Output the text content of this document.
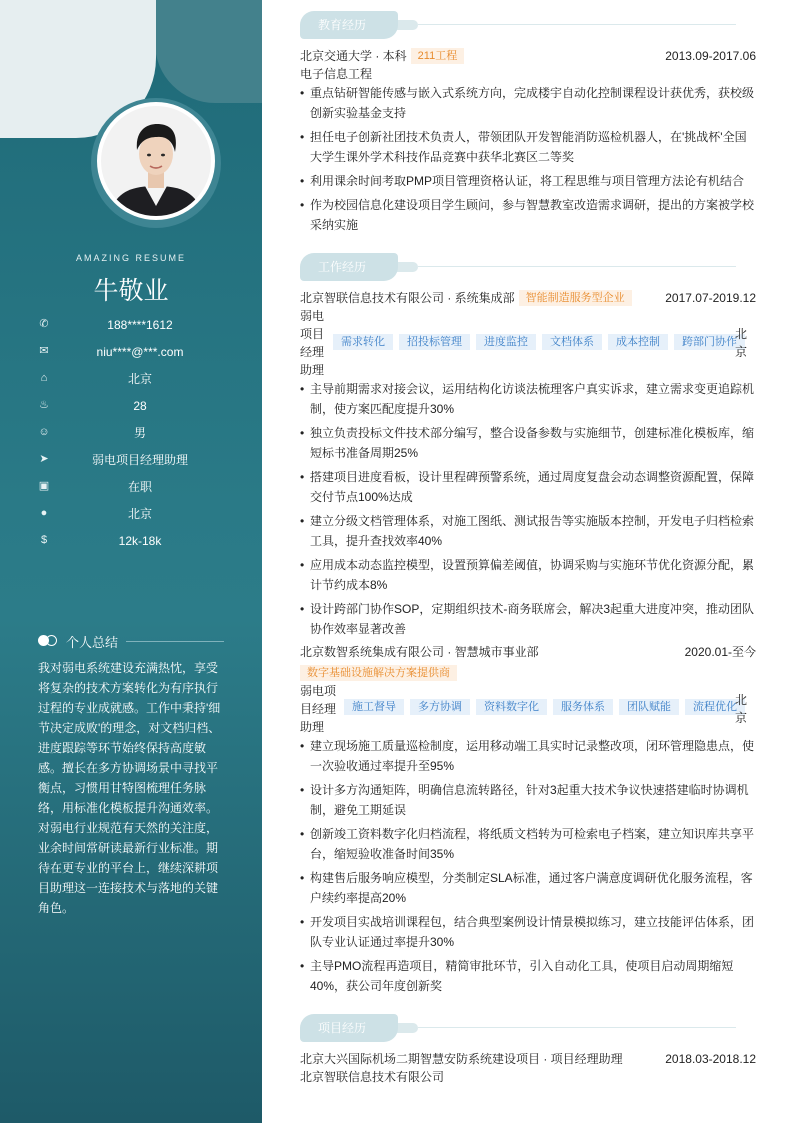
AMAZING RESUME
牛敬业
✆	188****1612
✉	niu****@***.com
⌂	北京
♨	28
☺	男
➤	弱电项目经理助理
▣	在职
●	北京
$	12k-18k
个人总结
我对弱电系统建设充满热忱，享受将复杂的技术方案转化为有序执行过程的专业成就感。工作中秉持'细节决定成败'的理念，对文档归档、进度跟踪等环节始终保持高度敏感。擅长在多方协调场景中寻找平衡点，习惯用甘特图梳理任务脉络，用标准化模板提升沟通效率。对弱电行业规范有天然的关注度，业余时间常研读最新行业标准。期待在更专业的平台上，继续深耕项目助理这一连接技术与落地的关键角色。
教育经历
北京交通大学 · 本科 211工程	2013.09-2017.06
电子信息工程
• 重点钻研智能传感与嵌入式系统方向，完成楼宇自动化控制课程设计获优秀，获校级创新实验基金支持
• 担任电子创新社团技术负责人，带领团队开发智能消防巡检机器人，在'挑战杯'全国大学生课外学术科技作品竞赛中获华北赛区二等奖
• 利用课余时间考取PMP项目管理资格认证，将工程思维与项目管理方法论有机结合
• 作为校园信息化建设项目学生顾问，参与智慧教室改造需求调研，提出的方案被学校采纳实施
工作经历
北京智联信息技术有限公司 · 系统集成部 智能制造服务型企业	2017.07-2019.12
弱电项目经理助理
需求转化	招投标管理	进度监控	文档体系	成本控制	跨部门协作
北京
• 主导前期需求对接会议，运用结构化访谈法梳理客户真实诉求，建立需求变更追踪机制，使方案匹配度提升30%
• 独立负责投标文件技术部分编写，整合设备参数与实施细节，创建标准化模板库，缩短标书准备周期25%
• 搭建项目进度看板，设计里程碑预警系统，通过周度复盘会动态调整资源配置，保障交付节点100%达成
• 建立分级文档管理体系，对施工图纸、测试报告等实施版本控制，开发电子归档检索工具，提升查找效率40%
• 应用成本动态监控模型，设置预算偏差阈值，协调采购与实施环节优化资源分配，累计节约成本8%
• 设计跨部门协作SOP，定期组织技术-商务联席会，解决3起重大进度冲突，推动团队协作效率显著改善
北京数智系统集成有限公司 · 智慧城市事业部	2020.01-至今
数字基础设施解决方案提供商
弱电项目经理助理
施工督导	多方协调	资料数字化	服务体系	团队赋能	流程优化
北京
• 建立现场施工质量巡检制度，运用移动端工具实时记录整改项，闭环管理隐患点，使一次验收通过率提升至95%
• 设计多方沟通矩阵，明确信息流转路径，针对3起重大技术争议快速搭建临时协调机制，避免工期延误
• 创新竣工资料数字化归档流程，将纸质文档转为可检索电子档案，建立知识库共享平台，缩短验收准备时间35%
• 构建售后服务响应模型，分类制定SLA标准，通过客户满意度调研优化服务流程，客户续约率提高20%
• 开发项目实战培训课程包，结合典型案例设计情景模拟练习，建立技能评估体系，团队专业认证通过率提升30%
• 主导PMO流程再造项目，精简审批环节，引入自动化工具，使项目启动周期缩短40%，获公司年度创新奖
项目经历
北京大兴国际机场二期智慧安防系统建设项目 · 项目经理助理	2018.03-2018.12
北京智联信息技术有限公司
